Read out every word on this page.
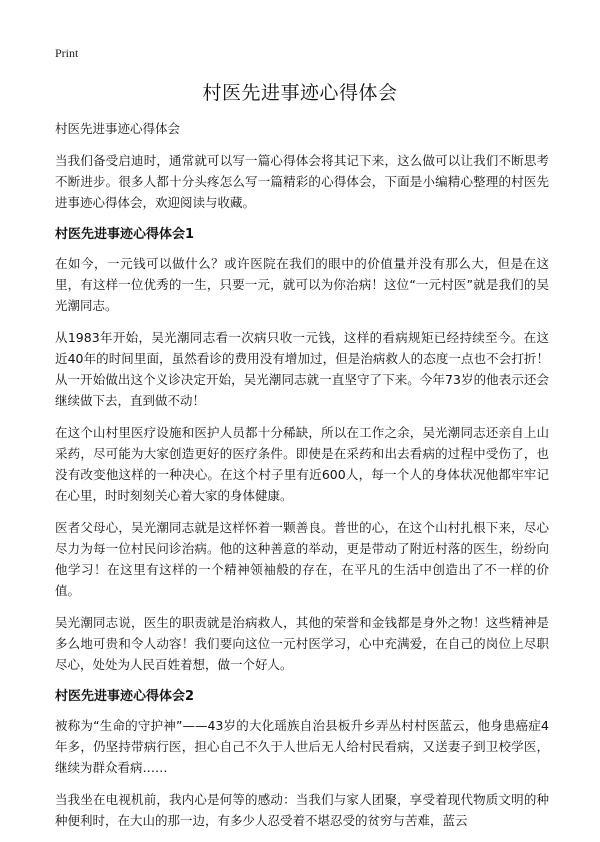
Print
村医先进事迹心得体会

村医先进事迹心得体会

当我们备受启迪时，通常就可以写一篇心得体会将其记下来，这么做可以让我们不断思考不断进步。很多人都十分头疼怎么写一篇精彩的心得体会，下面是小编精心整理的村医先进事迹心得体会，欢迎阅读与收藏。

村医先进事迹心得体会1

在如今，一元钱可以做什么？或许医院在我们的眼中的价值量并没有那么大，但是在这里，有这样一位优秀的一生，只要一元，就可以为你治病！这位“一元村医”就是我们的吴光潮同志。

从1983年开始，吴光潮同志看一次病只收一元钱，这样的看病规矩已经持续至今。在这近40年的时间里面，虽然看诊的费用没有增加过，但是治病救人的态度一点也不会打折！从一开始做出这个义诊决定开始，吴光潮同志就一直坚守了下来。今年73岁的他表示还会继续做下去，直到做不动！

在这个山村里医疗设施和医护人员都十分稀缺，所以在工作之余，吴光潮同志还亲自上山采药，尽可能为大家创造更好的医疗条件。即使是在采药和出去看病的过程中受伤了，也没有改变他这样的一种决心。在这个村子里有近600人，每一个人的身体状况他都牢牢记在心里，时时刻刻关心着大家的身体健康。

医者父母心，吴光潮同志就是这样怀着一颗善良。普世的心，在这个山村扎根下来，尽心尽力为每一位村民问诊治病。他的这种善意的举动，更是带动了附近村落的医生，纷纷向他学习！在这里有这样的一个精神领袖般的存在，在平凡的生活中创造出了不一样的价值。

吴光潮同志说，医生的职责就是治病救人，其他的荣誉和金钱都是身外之物！这些精神是多么地可贵和令人动容！我们要向这位一元村医学习，心中充满爱，在自己的岗位上尽职尽心，处处为人民百姓着想，做一个好人。

村医先进事迹心得体会2

被称为“生命的守护神”——43岁的大化瑶族自治县板升乡弄丛村村医蓝云，他身患癌症4年多，仍坚持带病行医，担心自己不久于人世后无人给村民看病，又送妻子到卫校学医，继续为群众看病……

当我坐在电视机前，我内心是何等的感动：当我们与家人团聚，享受着现代物质文明的种种便利时，在大山的那一边，有多少人忍受着不堪忍受的贫穷与苦难，蓝云
